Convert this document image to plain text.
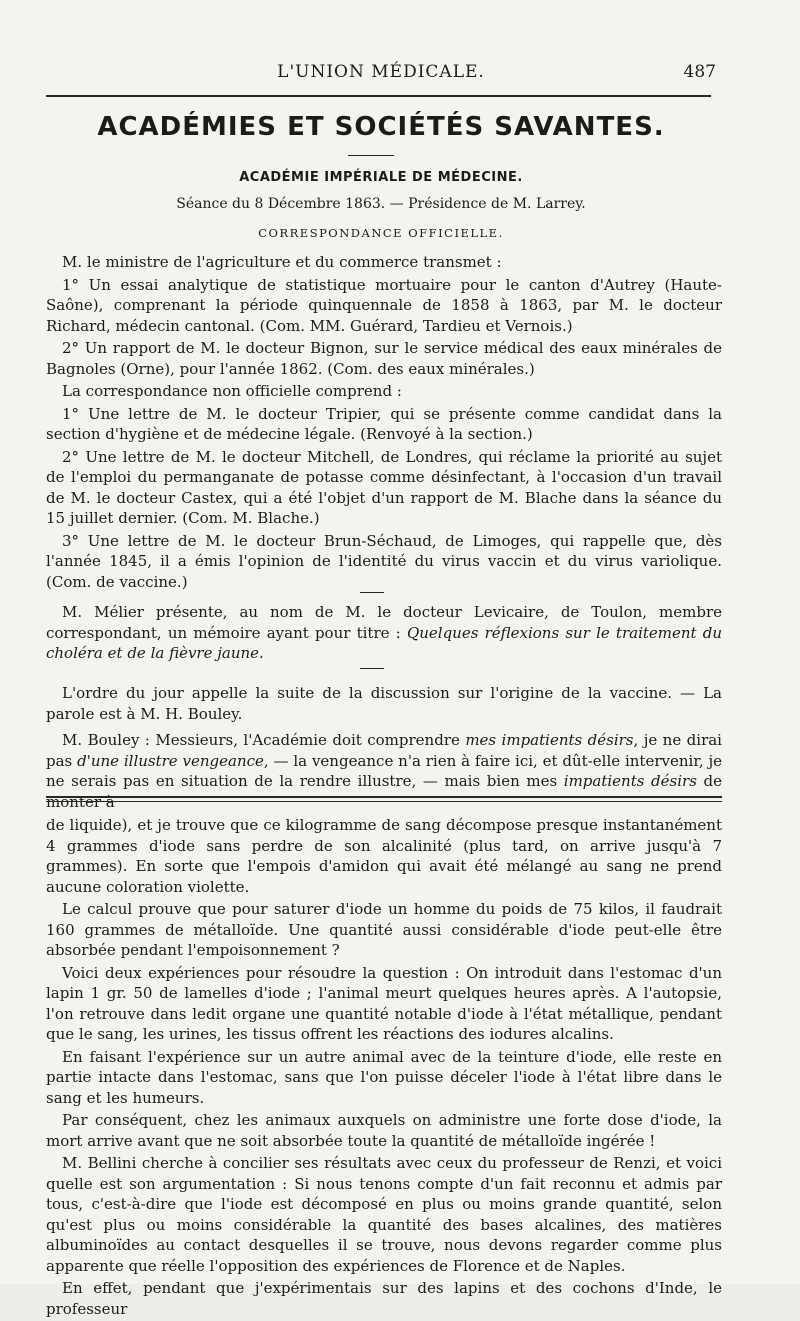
L'UNION MÉDICALE.	487
ACADÉMIES ET SOCIÉTÉS SAVANTES.
ACADÉMIE IMPÉRIALE DE MÉDECINE.
Séance du 8 Décembre 1863. — Présidence de M. Larrey.
CORRESPONDANCE OFFICIELLE.

M. le ministre de l'agriculture et du commerce transmet :

1° Un essai analytique de statistique mortuaire pour le canton d'Autrey (Haute-Saône), comprenant la période quinquennale de 1858 à 1863, par M. le docteur Richard, médecin cantonal. (Com. MM. Guérard, Tardieu et Vernois.)

2° Un rapport de M. le docteur Bignon, sur le service médical des eaux minérales de Bagnoles (Orne), pour l'année 1862. (Com. des eaux minérales.)

La correspondance non officielle comprend :

1° Une lettre de M. le docteur Tripier, qui se présente comme candidat dans la section d'hygiène et de médecine légale. (Renvoyé à la section.)

2° Une lettre de M. le docteur Mitchell, de Londres, qui réclame la priorité au sujet de l'emploi du permanganate de potasse comme désinfectant, à l'occasion d'un travail de M. le docteur Castex, qui a été l'objet d'un rapport de M. Blache dans la séance du 15 juillet dernier. (Com. M. Blache.)

3° Une lettre de M. le docteur Brun-Séchaud, de Limoges, qui rappelle que, dès l'année 1845, il a émis l'opinion de l'identité du virus vaccin et du virus variolique. (Com. de vaccine.)

M. Mélier présente, au nom de M. le docteur Levicaire, de Toulon, membre correspondant, un mémoire ayant pour titre : Quelques réflexions sur le traitement du choléra et de la fièvre jaune.

L'ordre du jour appelle la suite de la discussion sur l'origine de la vaccine. — La parole est à M. H. Bouley.

M. Bouley : Messieurs, l'Académie doit comprendre mes impatients désirs, je ne dirai pas d'une illustre vengeance, — la vengeance n'a rien à faire ici, et dût-elle intervenir, je ne serais pas en situation de la rendre illustre, — mais bien mes impatients désirs de monter à

de liquide), et je trouve que ce kilogramme de sang décompose presque instantanément 4 grammes d'iode sans perdre de son alcalinité (plus tard, on arrive jusqu'à 7 grammes). En sorte que l'empois d'amidon qui avait été mélangé au sang ne prend aucune coloration violette.

Le calcul prouve que pour saturer d'iode un homme du poids de 75 kilos, il faudrait 160 grammes de métalloïde. Une quantité aussi considérable d'iode peut-elle être absorbée pendant l'empoisonnement ?

Voici deux expériences pour résoudre la question : On introduit dans l'estomac d'un lapin 1 gr. 50 de lamelles d'iode ; l'animal meurt quelques heures après. A l'autopsie, l'on retrouve dans ledit organe une quantité notable d'iode à l'état métallique, pendant que le sang, les urines, les tissus offrent les réactions des iodures alcalins.

En faisant l'expérience sur un autre animal avec de la teinture d'iode, elle reste en partie intacte dans l'estomac, sans que l'on puisse déceler l'iode à l'état libre dans le sang et les humeurs.

Par conséquent, chez les animaux auxquels on administre une forte dose d'iode, la mort arrive avant que ne soit absorbée toute la quantité de métalloïde ingérée !

M. Bellini cherche à concilier ses résultats avec ceux du professeur de Renzi, et voici quelle est son argumentation : Si nous tenons compte d'un fait reconnu et admis par tous, c'est-à-dire que l'iode est décomposé en plus ou moins grande quantité, selon qu'est plus ou moins considérable la quantité des bases alcalines, des matières albuminoïdes au contact desquelles il se trouve, nous devons regarder comme plus apparente que réelle l'opposition des expériences de Florence et de Naples.

En effet, pendant que j'expérimentais sur des lapins et des cochons d'Inde, le professeur
